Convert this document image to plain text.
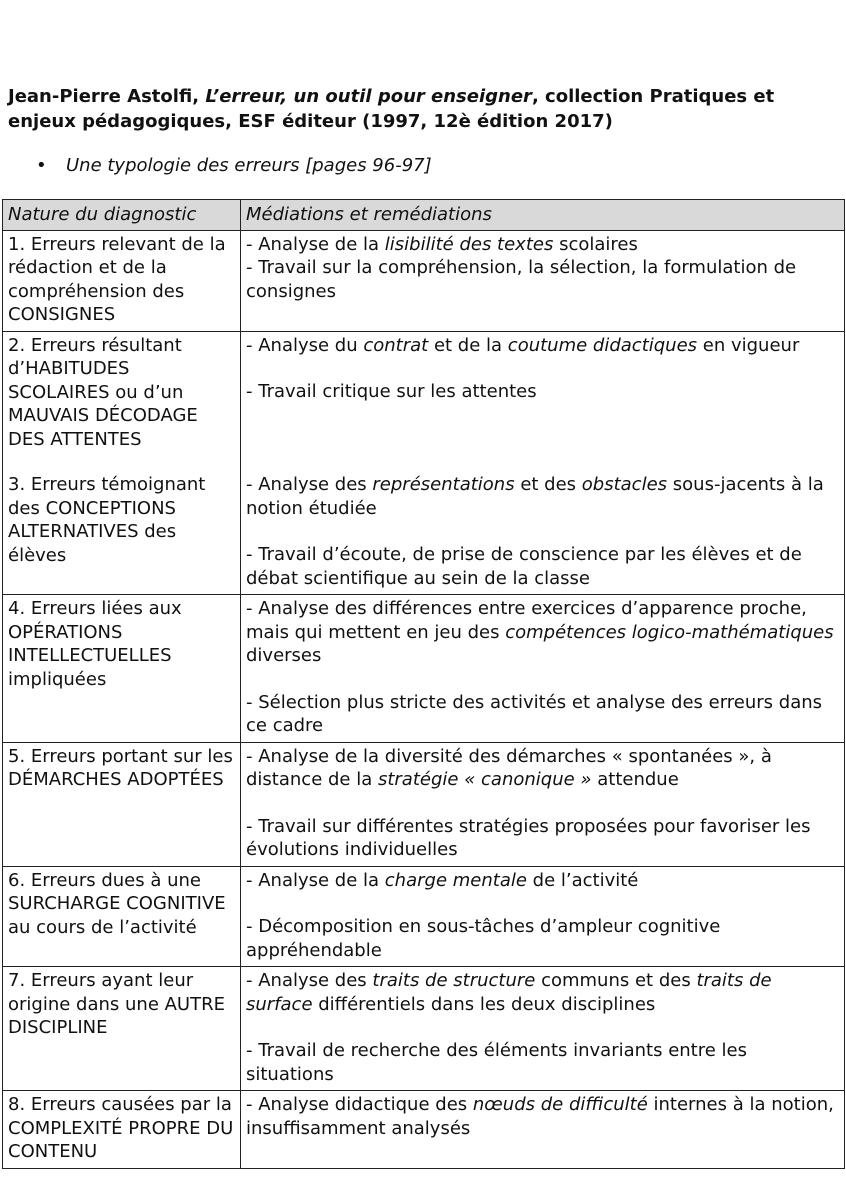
Jean-Pierre Astolfi, L’erreur, un outil pour enseigner, collection Pratiques et enjeux pédagogiques, ESF éditeur (1997, 12è édition 2017)
• Une typologie des erreurs [pages 96-97]
Nature du diagnostic	Médiations et remédiations
1. Erreurs relevant de la rédaction et de la compréhension des CONSIGNES	- Analyse de la lisibilité des textes scolaires

- Travail sur la compréhension, la sélection, la formulation de consignes

2. Erreurs résultant d’HABITUDES SCOLAIRES ou d’un MAUVAIS DÉCODAGE DES ATTENTES	- Analyse du contrat et de la coutume didactiques en vigueur

- Travail critique sur les attentes

3. Erreurs témoignant des CONCEPTIONS ALTERNATIVES des élèves	- Analyse des représentations et des obstacles sous-jacents à la notion étudiée

- Travail d’écoute, de prise de conscience par les élèves et de débat scientifique au sein de la classe

4. Erreurs liées aux OPÉRATIONS INTELLECTUELLES impliquées	- Analyse des différences entre exercices d’apparence proche, mais qui mettent en jeu des compétences logico-mathématiques diverses

- Sélection plus stricte des activités et analyse des erreurs dans ce cadre

5. Erreurs portant sur les DÉMARCHES ADOPTÉES	- Analyse de la diversité des démarches « spontanées », à distance de la stratégie « canonique » attendue

- Travail sur différentes stratégies proposées pour favoriser les évolutions individuelles

6. Erreurs dues à une SURCHARGE COGNITIVE au cours de l’activité	- Analyse de la charge mentale de l’activité

- Décomposition en sous-tâches d’ampleur cognitive appréhendable

7. Erreurs ayant leur origine dans une AUTRE DISCIPLINE	- Analyse des traits de structure communs et des traits de surface différentiels dans les deux disciplines

- Travail de recherche des éléments invariants entre les situations

8. Erreurs causées par la COMPLEXITÉ PROPRE DU CONTENU	- Analyse didactique des nœuds de difficulté internes à la notion, insuffisamment analysés
